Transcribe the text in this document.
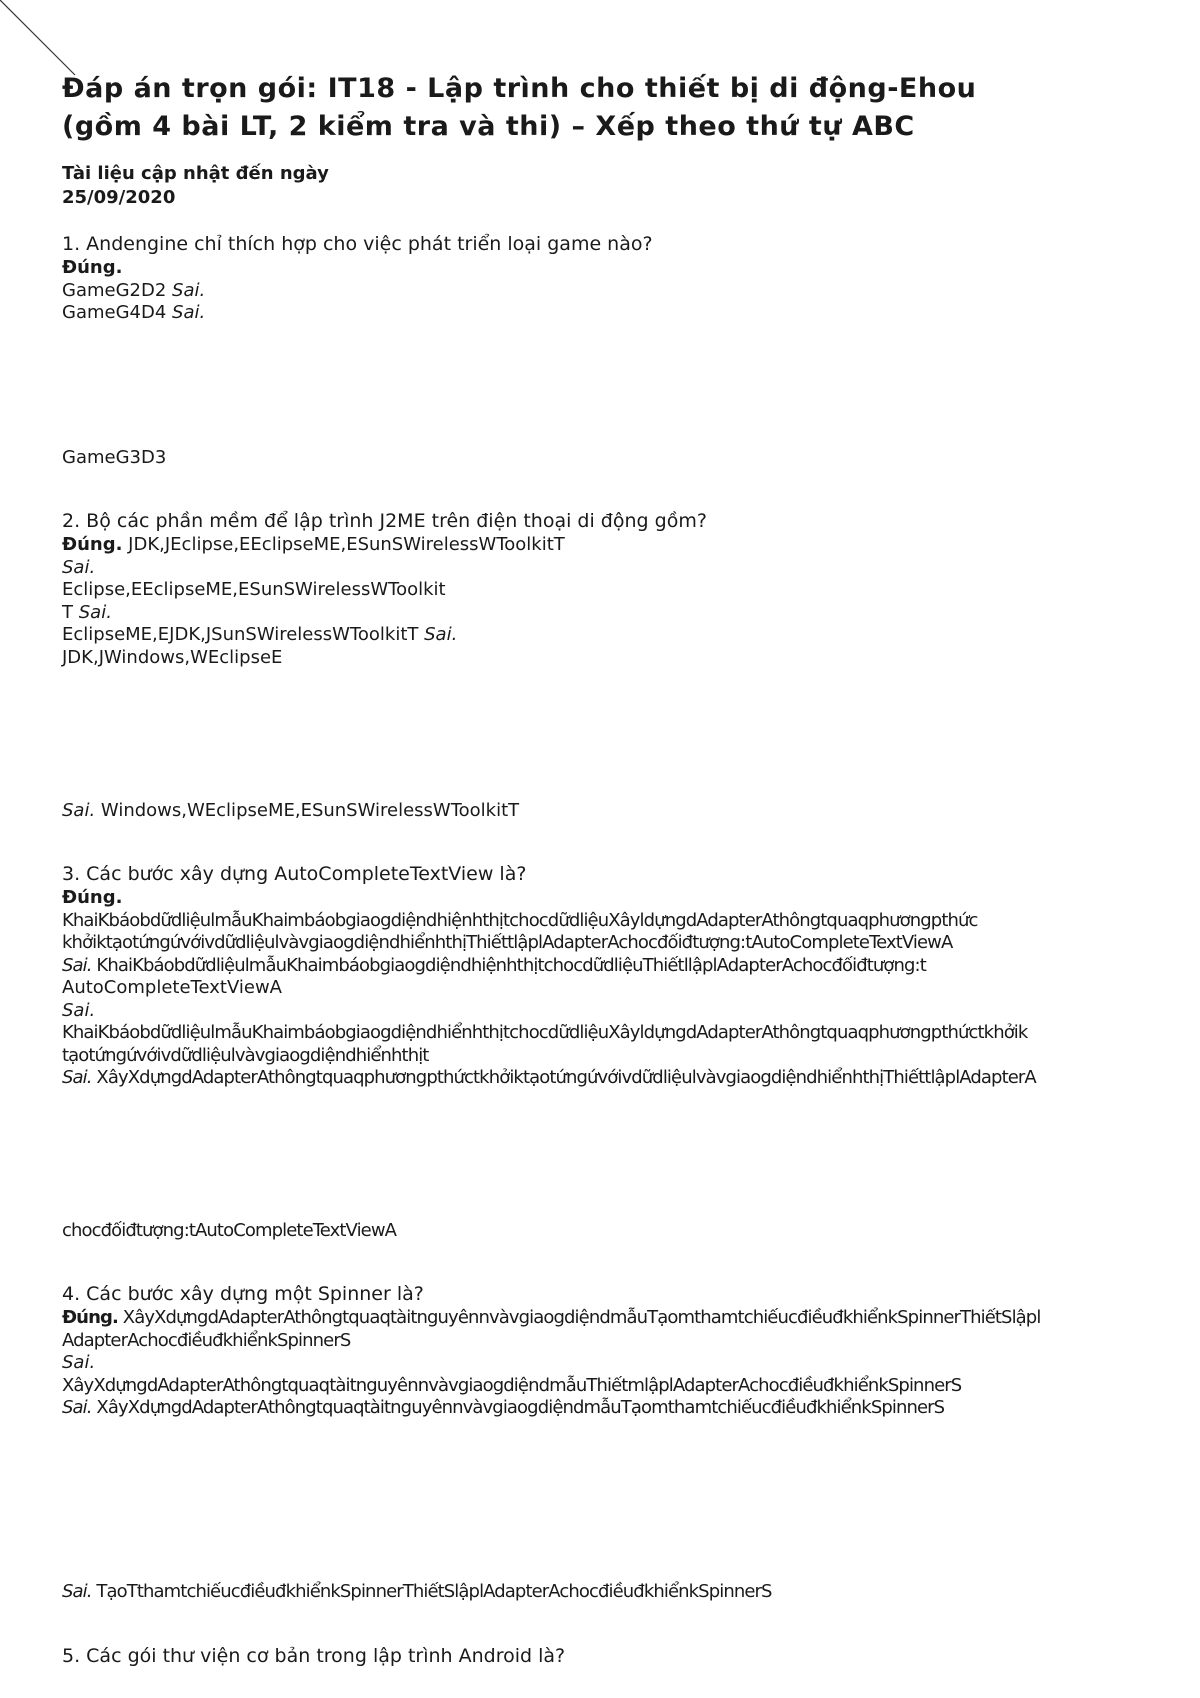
Đáp án trọn gói: IT18 - Lập trình cho thiết bị di động-Ehou
(gồm 4 bài LT, 2 kiểm tra và thi) – Xếp theo thứ tự ABC
Tài liệu cập nhật đến ngày
25/09/2020
1. Andengine chỉ thích hợp cho việc phát triển loại game nào?
Đúng.
GameG2D2 Sai.
GameG4D4 Sai.
GameG3D3
2. Bộ các phần mềm để lập trình J2ME trên điện thoại di động gồm?
Đúng. JDK,JEclipse,EEclipseME,ESunSWirelessWToolkitT
Sai.
Eclipse,EEclipseME,ESunSWirelessWToolkit
T Sai.
EclipseME,EJDK,JSunSWirelessWToolkitT Sai.
JDK,JWindows,WEclipseE
Sai. Windows,WEclipseME,ESunSWirelessWToolkitT
3. Các bước xây dựng AutoCompleteTextView là?
Đúng.
KhaiKbáobdữdliệulmẫuKhaimbáobgiaogdiệndhiệnhthịtchocdữdliệuXâyldựngdAdapterAthôngtquaqphươngpthức
khởiktạotứngứvớivdữdliệulvàvgiaogdiệndhiểnhthịThiếttlậplAdapterAchocđốiđtượng:tAutoCompleteTextViewA
Sai. KhaiKbáobdữdliệulmẫuKhaimbáobgiaogdiệndhiệnhthịtchocdữdliệuThiếtllậplAdapterAchocđốiđtượng:t
AutoCompleteTextViewA
Sai.
KhaiKbáobdữdliệulmẫuKhaimbáobgiaogdiệndhiểnhthịtchocdữdliệuXâyldựngdAdapterAthôngtquaqphươngpthứctkhởik
tạotứngứvớivdữdliệulvàvgiaogdiệndhiểnhthịt
Sai. XâyXdựngdAdapterAthôngtquaqphươngpthứctkhởiktạotứngứvớivdữdliệulvàvgiaogdiệndhiểnhthịThiếttlậplAdapterA
chocđốiđtượng:tAutoCompleteTextViewA
4. Các bước xây dựng một Spinner là?
Đúng. XâyXdựngdAdapterAthôngtquaqtàitnguyênnvàvgiaogdiệndmẫuTạomthamtchiếucđiềuđkhiểnkSpinnerThiếtSlậpl
AdapterAchocđiềuđkhiểnkSpinnerS
Sai.
XâyXdựngdAdapterAthôngtquaqtàitnguyênnvàvgiaogdiệndmẫuThiếtmlậplAdapterAchocđiềuđkhiểnkSpinnerS
Sai. XâyXdựngdAdapterAthôngtquaqtàitnguyênnvàvgiaogdiệndmẫuTạomthamtchiếucđiềuđkhiểnkSpinnerS
Sai. TạoTthamtchiếucđiềuđkhiểnkSpinnerThiếtSlậplAdapterAchocđiềuđkhiểnkSpinnerS
5. Các gói thư viện cơ bản trong lập trình Android là?
